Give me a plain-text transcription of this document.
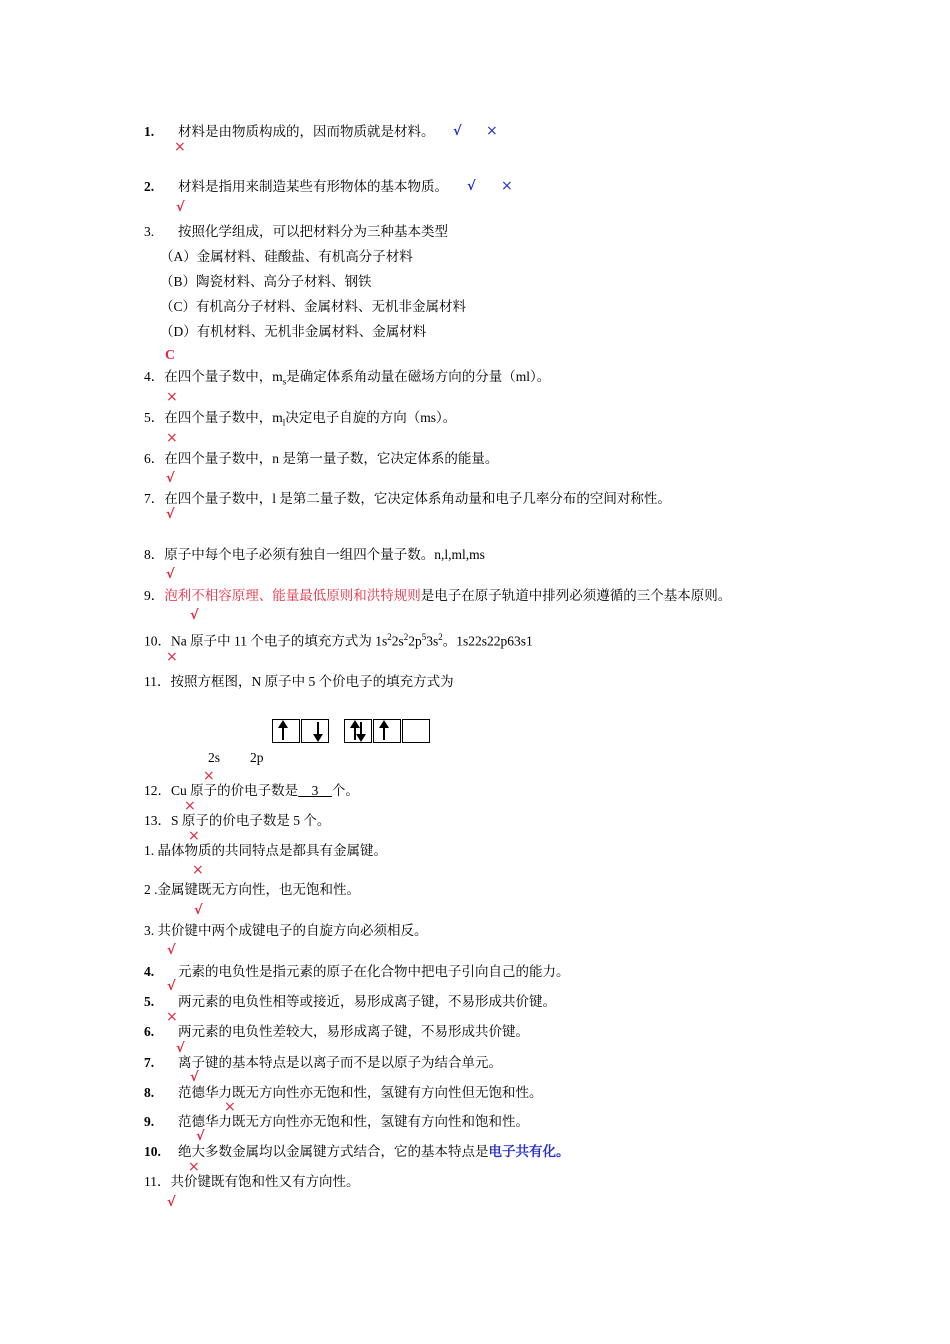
1. 材料是由物质构成的，因而物质就是材料。 √ ×
×
2. 材料是指用来制造某些有形物体的基本物质。 √ ×
√
3. 按照化学组成，可以把材料分为三种基本类型
（A）金属材料、硅酸盐、有机高分子材料
（B）陶瓷材料、高分子材料、钢铁
（C）有机高分子材料、金属材料、无机非金属材料
（D）有机材料、无机非金属材料、金属材料
C
4．在四个量子数中，$m_s$是确定体系角动量在磁场方向的分量（ml）。
×
5．在四个量子数中，$m_l$决定电子自旋的方向（ms）。
×
6．在四个量子数中，n 是第一量子数，它决定体系的能量。
√
7．在四个量子数中，l 是第二量子数，它决定体系角动量和电子几率分布的空间对称性。
√
8．原子中每个电子必须有独自一组四个量子数。n,l,ml,ms
√
9．泡利不相容原理、能量最低原则和洪特规则是电子在原子轨道中排列必须遵循的三个基本原则。
√
10．Na 原子中 11 个电子的填充方式为 $1s^22s^22p^53s^2$。1s22s22p63s1
×
11．按照方框图，N 原子中 5 个价电子的填充方式为
2s 2p
×
12．Cu 原子的价电子数是 3 个。
×
13．S 原子的价电子数是 5 个。
×
1. 晶体物质的共同特点是都具有金属键。
×
2 .金属键既无方向性，也无饱和性。
√
3. 共价键中两个成键电子的自旋方向必须相反。
√
4. 元素的电负性是指元素的原子在化合物中把电子引向自己的能力。
√
5. 两元素的电负性相等或接近，易形成离子键，不易形成共价键。
×
6. 两元素的电负性差较大，易形成离子键，不易形成共价键。
√
7. 离子键的基本特点是以离子而不是以原子为结合单元。
√
8. 范德华力既无方向性亦无饱和性，氢键有方向性但无饱和性。
×
9. 范德华力既无方向性亦无饱和性，氢键有方向性和饱和性。
√
10. 绝大多数金属均以金属键方式结合，它的基本特点是电子共有化。
×
11．共价键既有饱和性又有方向性。
√
